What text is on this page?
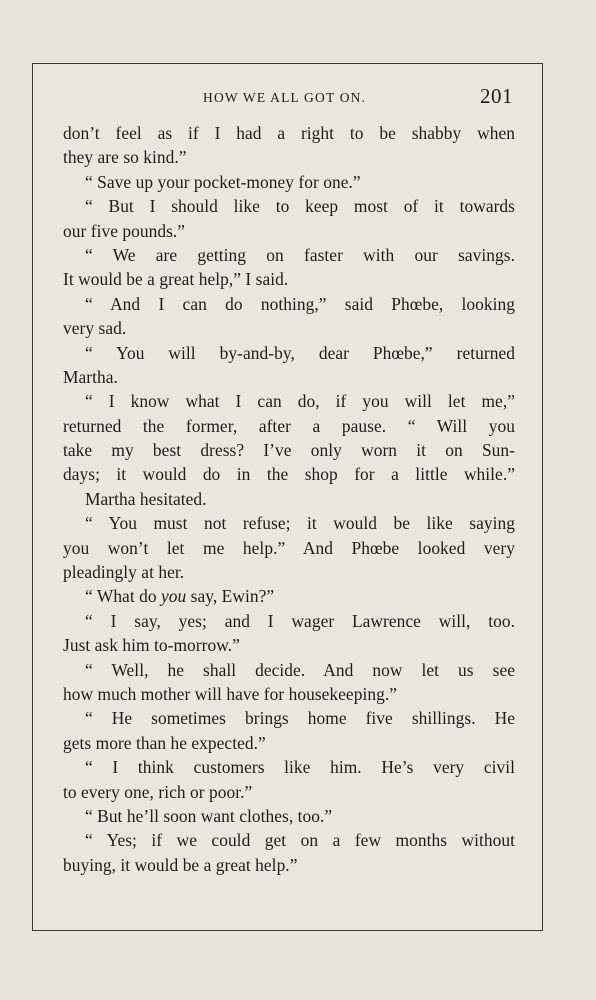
HOW WE ALL GOT ON.	201
don’t feel as if I had a right to be shabby when
they are so kind.”
“ Save up your pocket-money for one.”
“ But I should like to keep most of it towards
our five pounds.”
“ We are getting on faster with our savings.
It would be a great help,” I said.
“ And I can do nothing,” said Phœbe, looking
very sad.
“ You will by-and-by, dear Phœbe,” returned
Martha.
“ I know what I can do, if you will let me,”
returned the former, after a pause. “ Will you
take my best dress? I’ve only worn it on Sun-
days; it would do in the shop for a little while.”
Martha hesitated.
“ You must not refuse; it would be like saying
you won’t let me help.” And Phœbe looked very
pleadingly at her.
“ What do you say, Ewin?”
“ I say, yes; and I wager Lawrence will, too.
Just ask him to-morrow.”
“ Well, he shall decide. And now let us see
how much mother will have for housekeeping.”
“ He sometimes brings home five shillings. He
gets more than he expected.”
“ I think customers like him. He’s very civil
to every one, rich or poor.”
“ But he’ll soon want clothes, too.”
“ Yes; if we could get on a few months without
buying, it would be a great help.”
